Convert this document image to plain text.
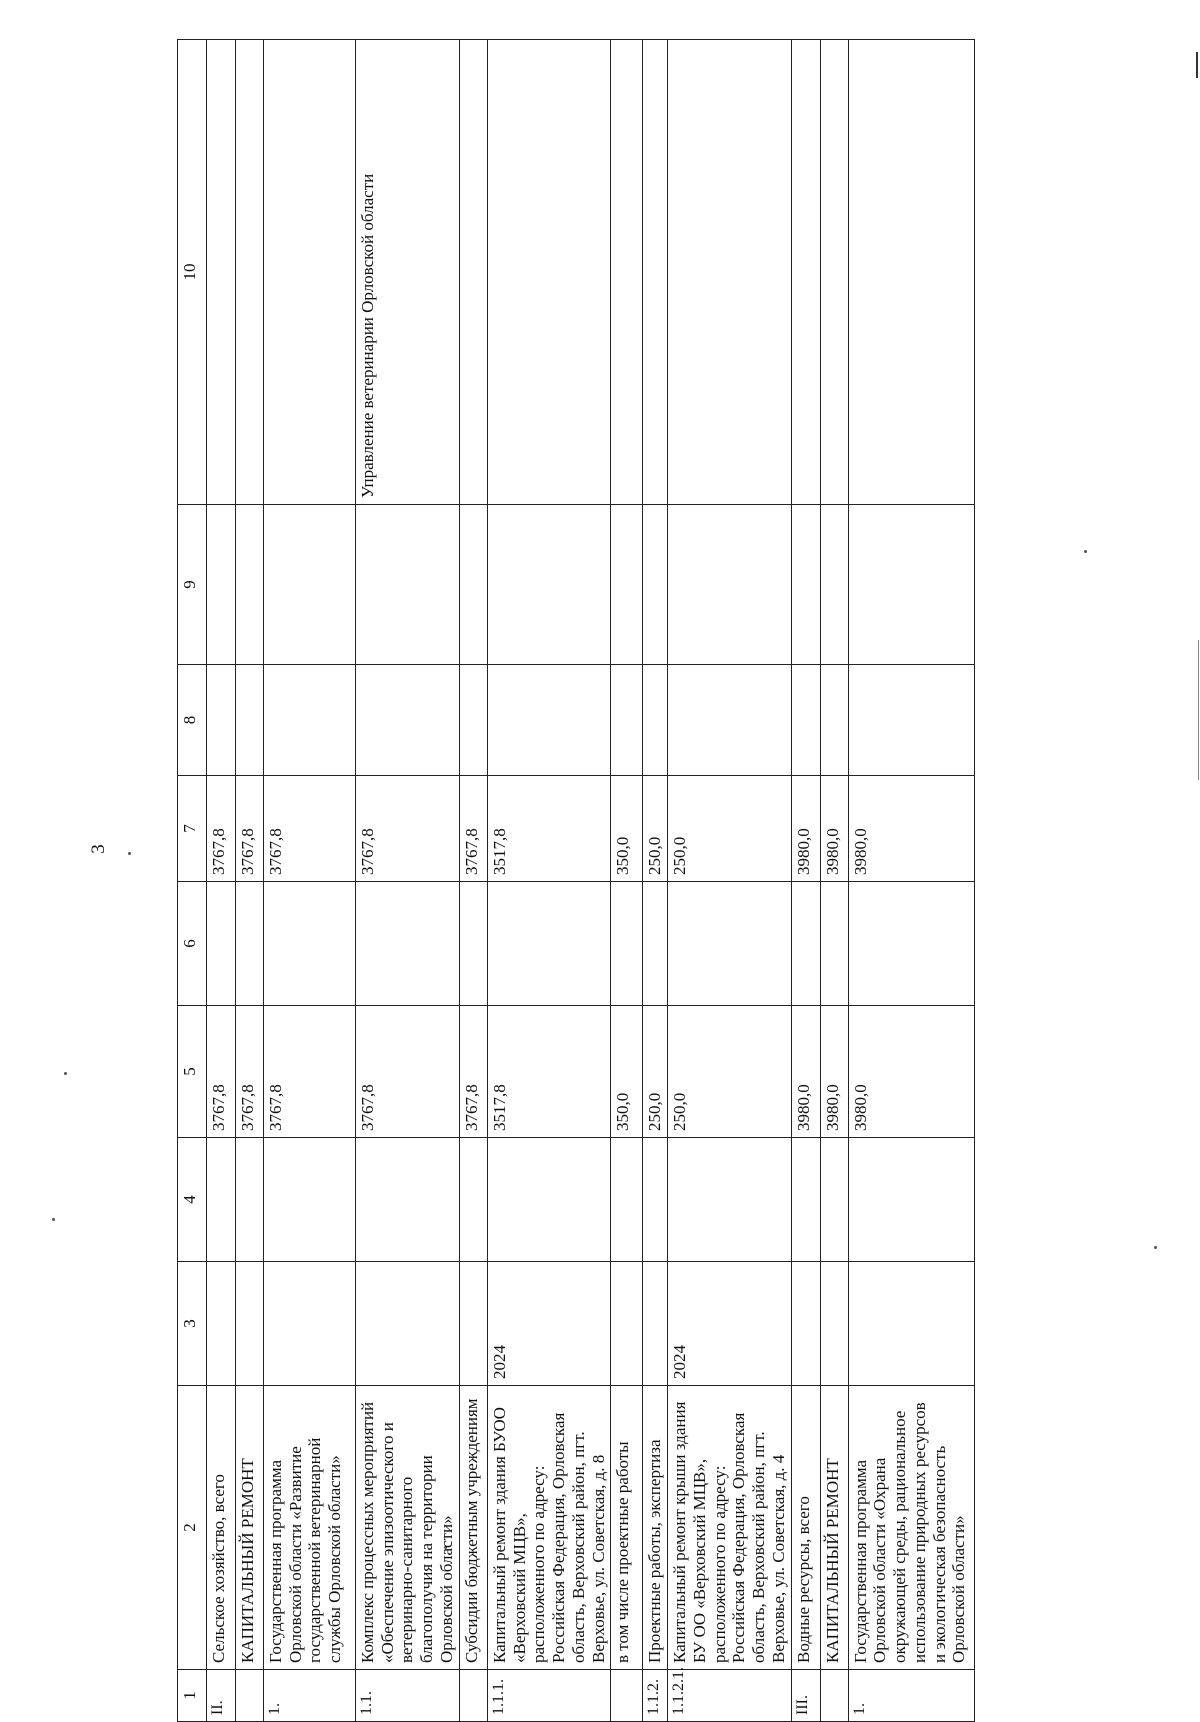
3
1	2	3	4	5	6	7	8	9	10
II.	Сельское хозяйство, всего			3767,8		3767,8			
	КАПИТАЛЬНЫЙ РЕМОНТ			3767,8		3767,8			
1.	Государственная программа Орловской области «Развитие государственной ветеринарной службы Орловской области»			3767,8		3767,8			
1.1.	Комплекс процессных мероприятий «Обеспечение эпизоотического и ветеринарно-санитарного благополучия на территории Орловской области»			3767,8		3767,8			Управление ветеринарии Орловской области
	Субсидии бюджетным учреждениям			3767,8		3767,8			
1.1.1.	Капитальный ремонт здания БУОО «Верховский МЦВ», расположенного по адресу: Российская Федерация, Орловская область, Верховский район, пгт. Верховье, ул. Советская, д. 8	2024		3517,8		3517,8			
	в том числе проектные работы			350,0		350,0			
1.1.2.	Проектные работы, экспертиза			250,0		250,0			
1.1.2.1.	Капитальный ремонт крыши здания БУ ОО «Верховский МЦВ», расположенного по адресу: Российская Федерация, Орловская область, Верховский район, пгт. Верховье, ул. Советская, д. 4	2024		250,0		250,0			
III.	Водные ресурсы, всего			3980,0		3980,0			
	КАПИТАЛЬНЫЙ РЕМОНТ			3980,0		3980,0			
1.	Государственная программа Орловской области «Охрана окружающей среды, рациональное использование природных ресурсов и экологическая безопасность Орловской области»			3980,0		3980,0			
